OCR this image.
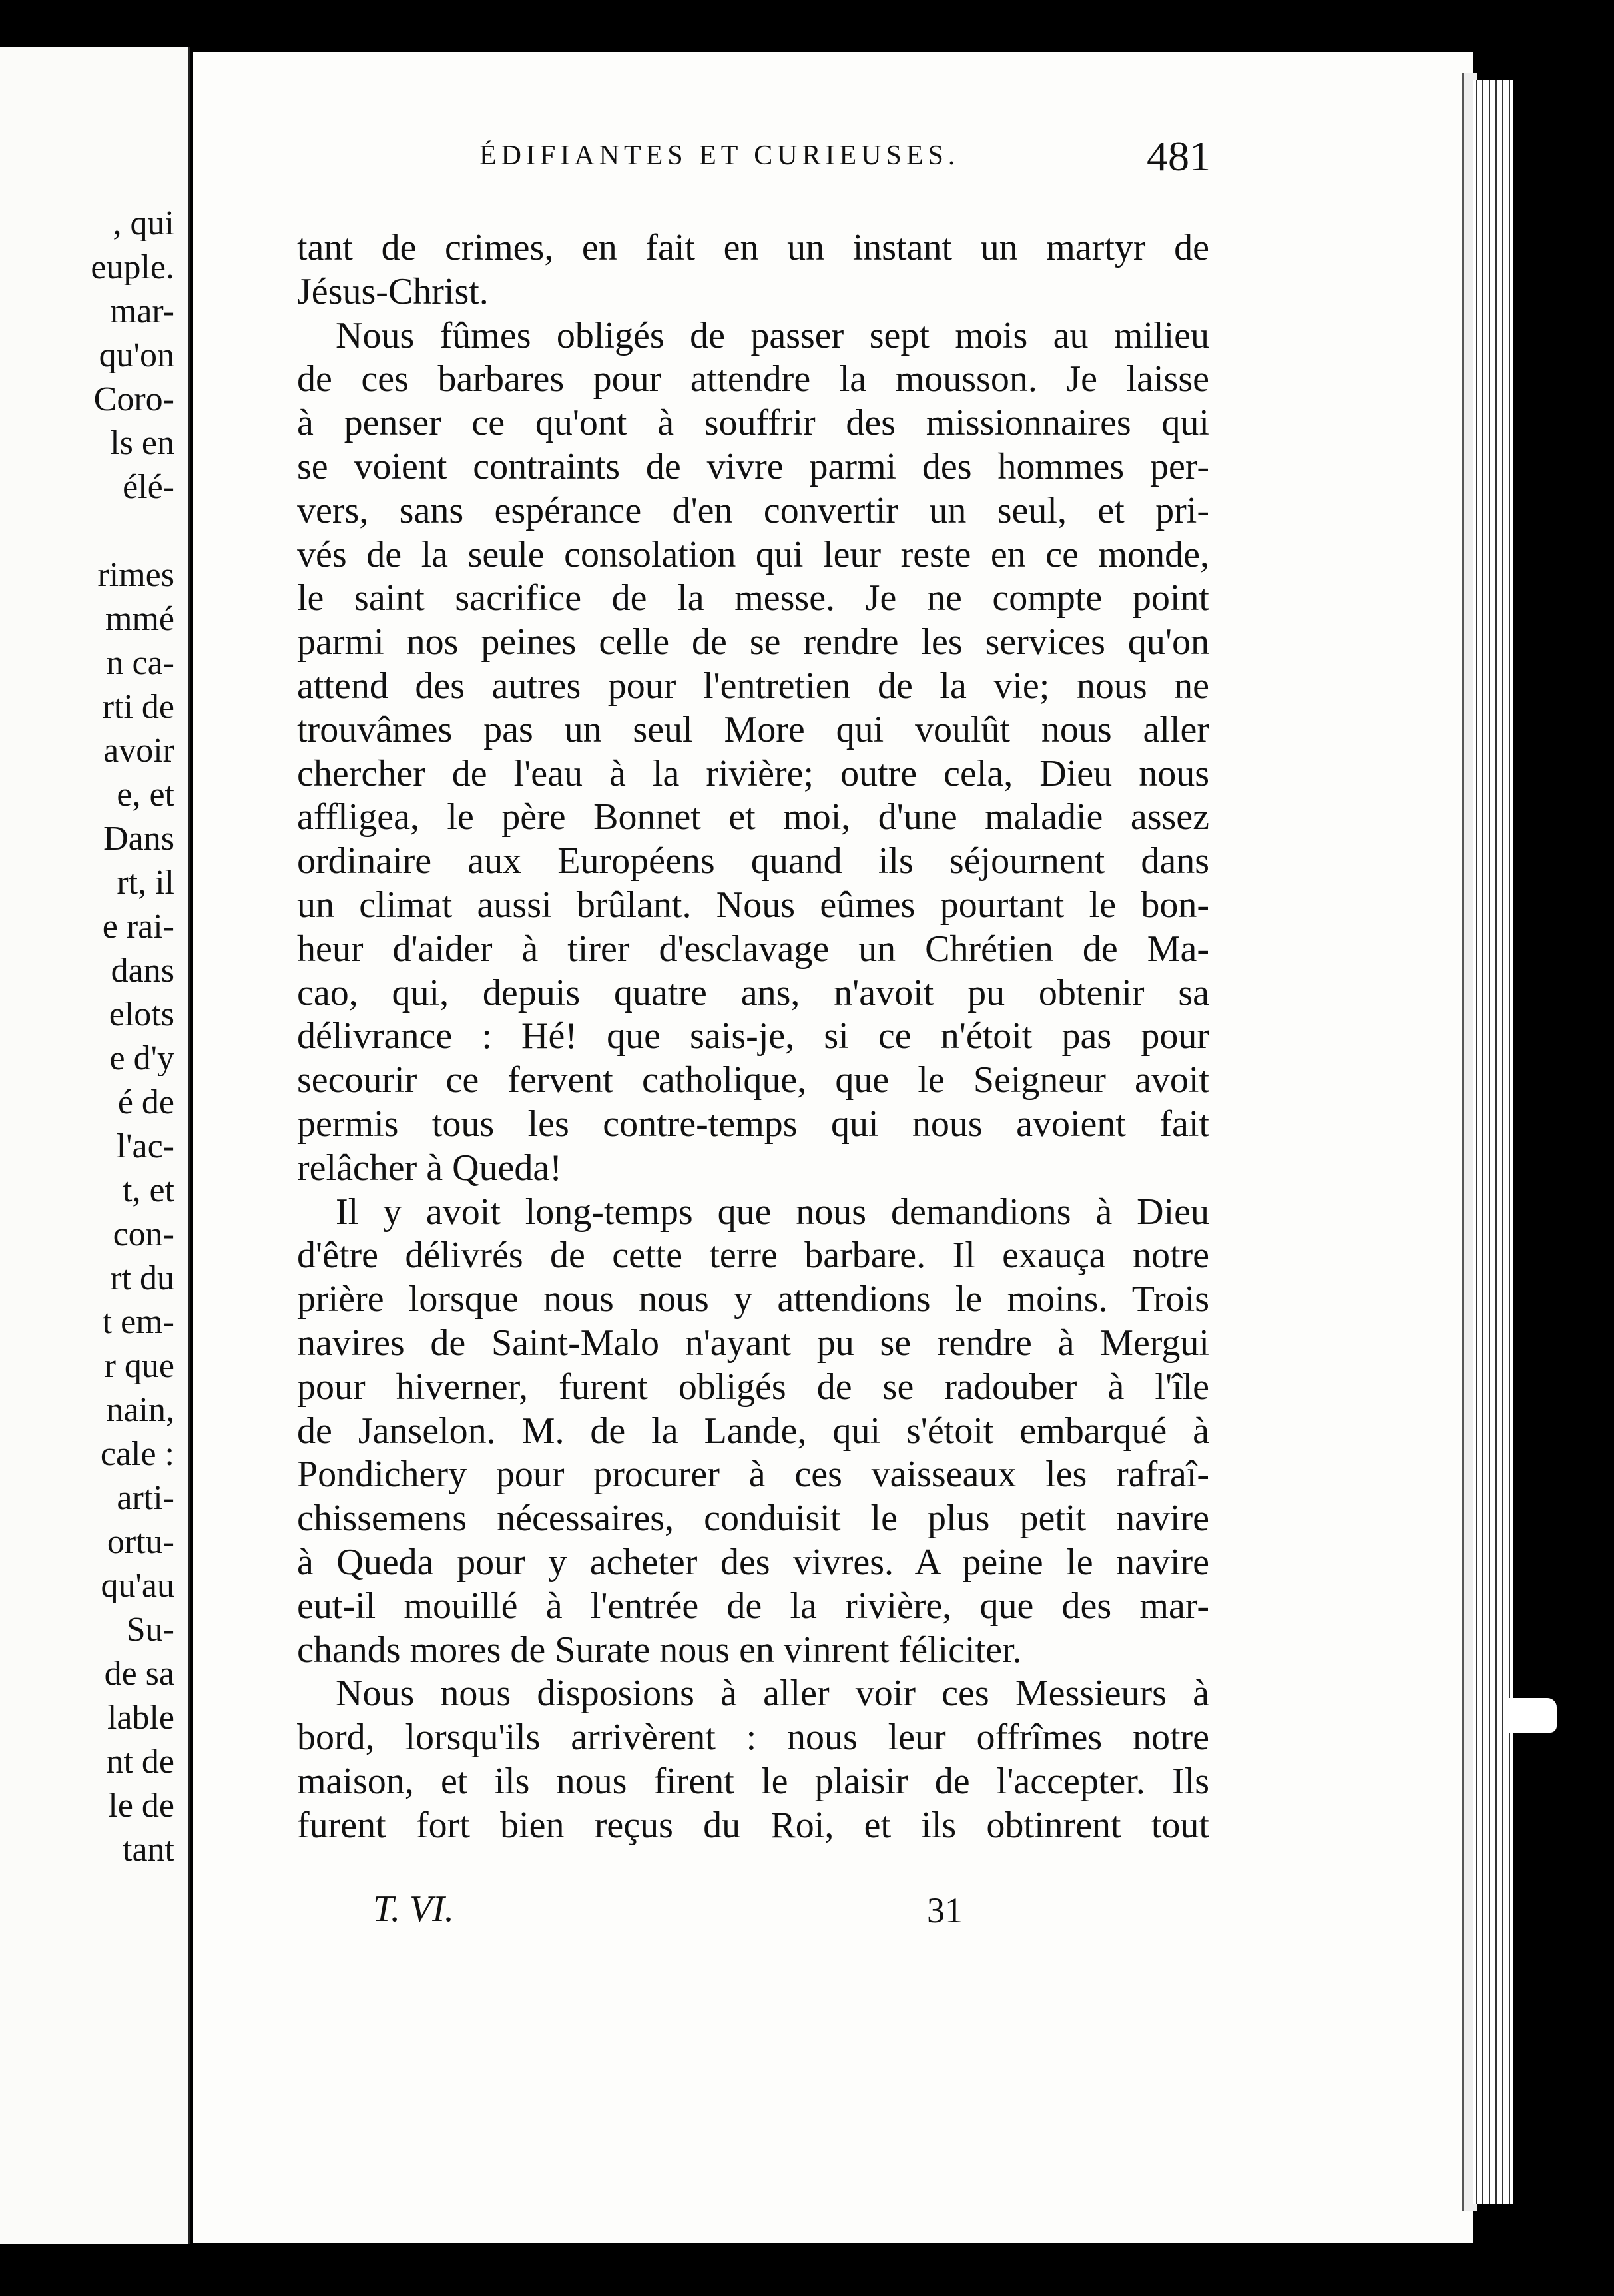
, qui
euple.
mar-
qu'on
Coro-
ls en
élé-
rimes
mmé
n ca-
rti de
avoir
e, et
Dans
rt, il
e rai-
dans
elots
e d'y
é de
l'ac-
t, et
con-
rt du
t em-
r que
nain,
cale :
arti-
ortu-
qu'au
Su-
de sa
lable
nt de
le de
tant
ÉDIFIANTES ET CURIEUSES.	481
tant de crimes, en fait en un instant un martyr de
Jésus-Christ.
Nous fûmes obligés de passer sept mois au milieu
de ces barbares pour attendre la mousson. Je laisse
à penser ce qu'ont à souffrir des missionnaires qui
se voient contraints de vivre parmi des hommes per-
vers, sans espérance d'en convertir un seul, et pri-
vés de la seule consolation qui leur reste en ce monde,
le saint sacrifice de la messe. Je ne compte point
parmi nos peines celle de se rendre les services qu'on
attend des autres pour l'entretien de la vie; nous ne
trouvâmes pas un seul More qui voulût nous aller
chercher de l'eau à la rivière; outre cela, Dieu nous
affligea, le père Bonnet et moi, d'une maladie assez
ordinaire aux Européens quand ils séjournent dans
un climat aussi brûlant. Nous eûmes pourtant le bon-
heur d'aider à tirer d'esclavage un Chrétien de Ma-
cao, qui, depuis quatre ans, n'avoit pu obtenir sa
délivrance : Hé! que sais-je, si ce n'étoit pas pour
secourir ce fervent catholique, que le Seigneur avoit
permis tous les contre-temps qui nous avoient fait
relâcher à Queda!
Il y avoit long-temps que nous demandions à Dieu
d'être délivrés de cette terre barbare. Il exauça notre
prière lorsque nous nous y attendions le moins. Trois
navires de Saint-Malo n'ayant pu se rendre à Mergui
pour hiverner, furent obligés de se radouber à l'île
de Janselon. M. de la Lande, qui s'étoit embarqué à
Pondichery pour procurer à ces vaisseaux les rafraî-
chissemens nécessaires, conduisit le plus petit navire
à Queda pour y acheter des vivres. A peine le navire
eut-il mouillé à l'entrée de la rivière, que des mar-
chands mores de Surate nous en vinrent féliciter.
Nous nous disposions à aller voir ces Messieurs à
bord, lorsqu'ils arrivèrent : nous leur offrîmes notre
maison, et ils nous firent le plaisir de l'accepter. Ils
furent fort bien reçus du Roi, et ils obtinrent tout
T. VI.	31
